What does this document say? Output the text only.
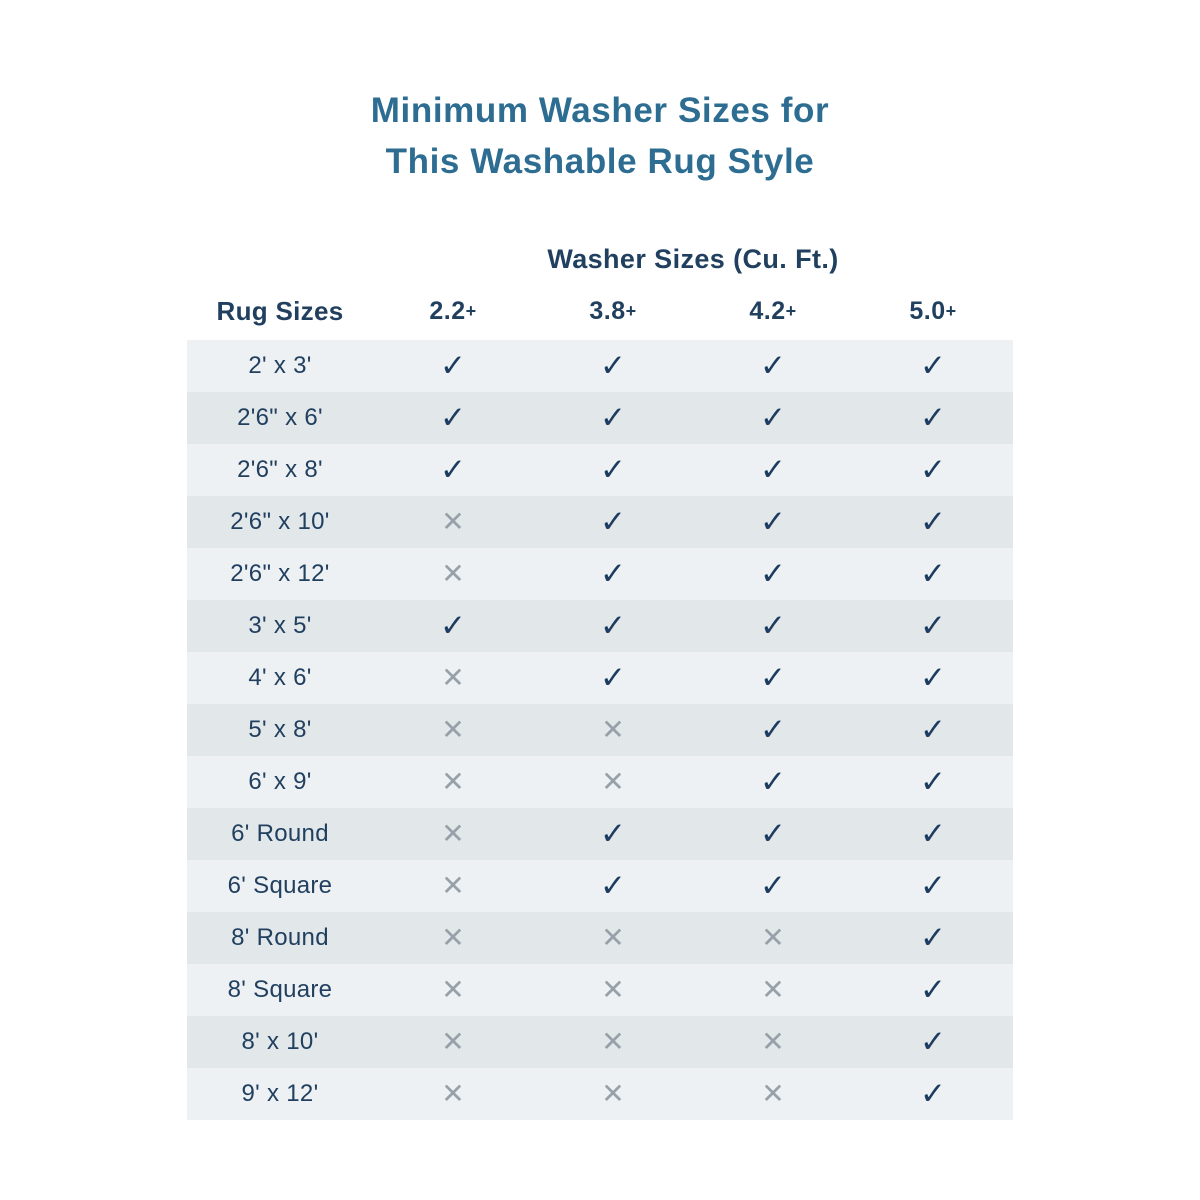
Minimum Washer Sizes for
This Washable Rug Style
Washer Sizes (Cu. Ft.)
Rug Sizes	2.2+	3.8+	4.2+	5.0+
2' x 3'	✓	✓	✓	✓
2'6" x 6'	✓	✓	✓	✓
2'6" x 8'	✓	✓	✓	✓
2'6" x 10'	✕	✓	✓	✓
2'6" x 12'	✕	✓	✓	✓
3' x 5'	✓	✓	✓	✓
4' x 6'	✕	✓	✓	✓
5' x 8'	✕	✕	✓	✓
6' x 9'	✕	✕	✓	✓
6' Round	✕	✓	✓	✓
6' Square	✕	✓	✓	✓
8' Round	✕	✕	✕	✓
8' Square	✕	✕	✕	✓
8' x 10'	✕	✕	✕	✓
9' x 12'	✕	✕	✕	✓
